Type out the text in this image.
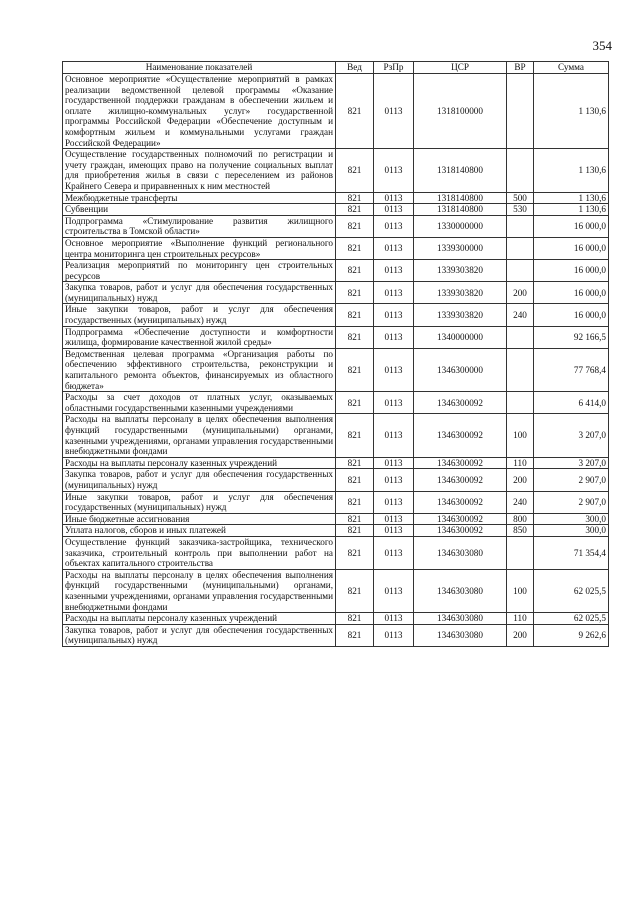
354
Наименование показателей	Вед	РзПр	ЦСР	ВР	Сумма
Основное мероприятие «Осуществление мероприятий в рамках реализации ведомственной целевой программы «Оказание государственной поддержки гражданам в обеспечении жильем и оплате жилищно-коммунальных услуг» государственной программы Российской Федерации «Обеспечение доступным и комфортным жильем и коммунальными услугами граждан Российской Федерации»	821	0113	1318100000		1 130,6
Осуществление государственных полномочий по регистрации и учету граждан, имеющих право на получение социальных выплат для приобретения жилья в связи с переселением из районов Крайнего Севера и приравненных к ним местностей	821	0113	1318140800		1 130,6
Межбюджетные трансферты	821	0113	1318140800	500	1 130,6
Субвенции	821	0113	1318140800	530	1 130,6
Подпрограмма «Стимулирование развития жилищного строительства в Томской области»	821	0113	1330000000		16 000,0
Основное мероприятие «Выполнение функций регионального центра мониторинга цен строительных ресурсов»	821	0113	1339300000		16 000,0
Реализация мероприятий по мониторингу цен строительных ресурсов	821	0113	1339303820		16 000,0
Закупка товаров, работ и услуг для обеспечения государственных (муниципальных) нужд	821	0113	1339303820	200	16 000,0
Иные закупки товаров, работ и услуг для обеспечения государственных (муниципальных) нужд	821	0113	1339303820	240	16 000,0
Подпрограмма «Обеспечение доступности и комфортности жилища, формирование качественной жилой среды»	821	0113	1340000000		92 166,5
Ведомственная целевая программа «Организация работы по обеспечению эффективного строительства, реконструкции и капитального ремонта объектов, финансируемых из областного бюджета»	821	0113	1346300000		77 768,4
Расходы за счет доходов от платных услуг, оказываемых областными государственными казенными учреждениями	821	0113	1346300092		6 414,0
Расходы на выплаты персоналу в целях обеспечения выполнения функций государственными (муниципальными) органами, казенными учреждениями, органами управления государственными внебюджетными фондами	821	0113	1346300092	100	3 207,0
Расходы на выплаты персоналу казенных учреждений	821	0113	1346300092	110	3 207,0
Закупка товаров, работ и услуг для обеспечения государственных (муниципальных) нужд	821	0113	1346300092	200	2 907,0
Иные закупки товаров, работ и услуг для обеспечения государственных (муниципальных) нужд	821	0113	1346300092	240	2 907,0
Иные бюджетные ассигнования	821	0113	1346300092	800	300,0
Уплата налогов, сборов и иных платежей	821	0113	1346300092	850	300,0
Осуществление функций заказчика-застройщика, технического заказчика, строительный контроль при выполнении работ на объектах капитального строительства	821	0113	1346303080		71 354,4
Расходы на выплаты персоналу в целях обеспечения выполнения функций государственными (муниципальными) органами, казенными учреждениями, органами управления государственными внебюджетными фондами	821	0113	1346303080	100	62 025,5
Расходы на выплаты персоналу казенных учреждений	821	0113	1346303080	110	62 025,5
Закупка товаров, работ и услуг для обеспечения государственных (муниципальных) нужд	821	0113	1346303080	200	9 262,6
